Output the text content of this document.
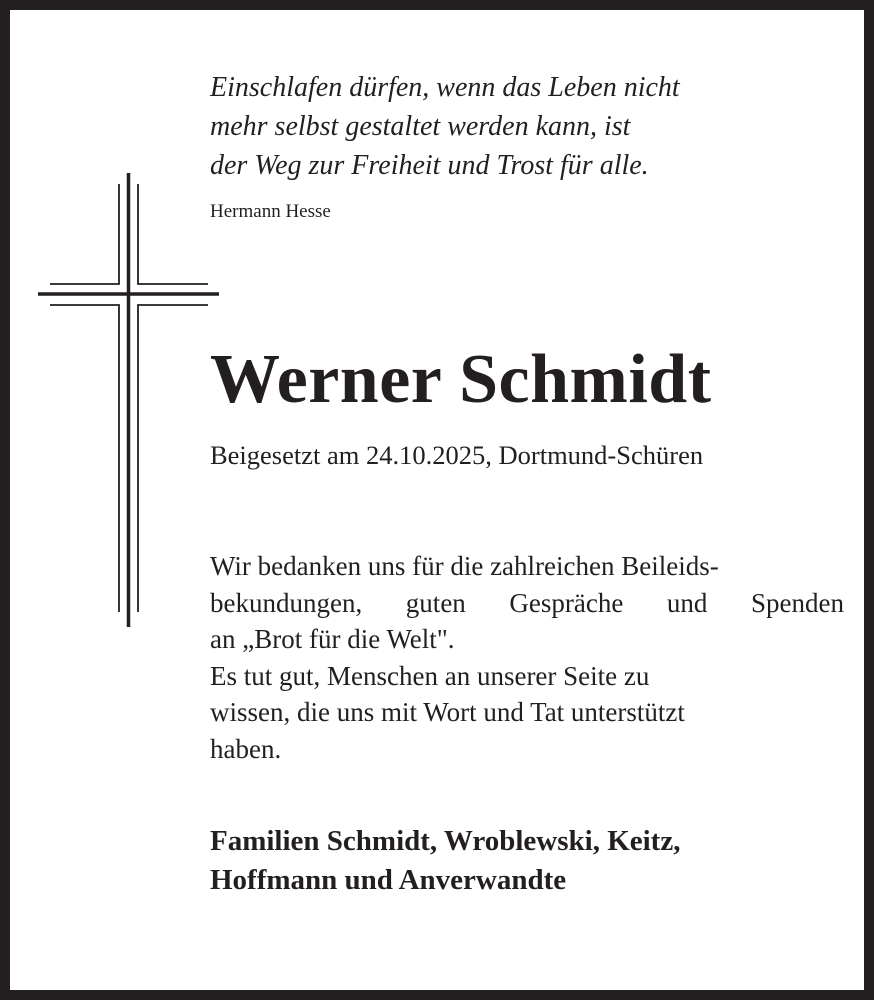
Einschlafen dürfen, wenn das Leben nicht
mehr selbst gestaltet werden kann, ist
der Weg zur Freiheit und Trost für alle.
Hermann Hesse
Werner Schmidt
Beigesetzt am 24.10.2025, Dortmund-Schüren
Wir bedanken uns für die zahlreichen Beileids-
bekundungen, guten Gespräche und Spenden
an „Brot für die Welt".
Es tut gut, Menschen an unserer Seite zu
wissen, die uns mit Wort und Tat unterstützt
haben.
Familien Schmidt, Wroblewski, Keitz,
Hoffmann und Anverwandte
